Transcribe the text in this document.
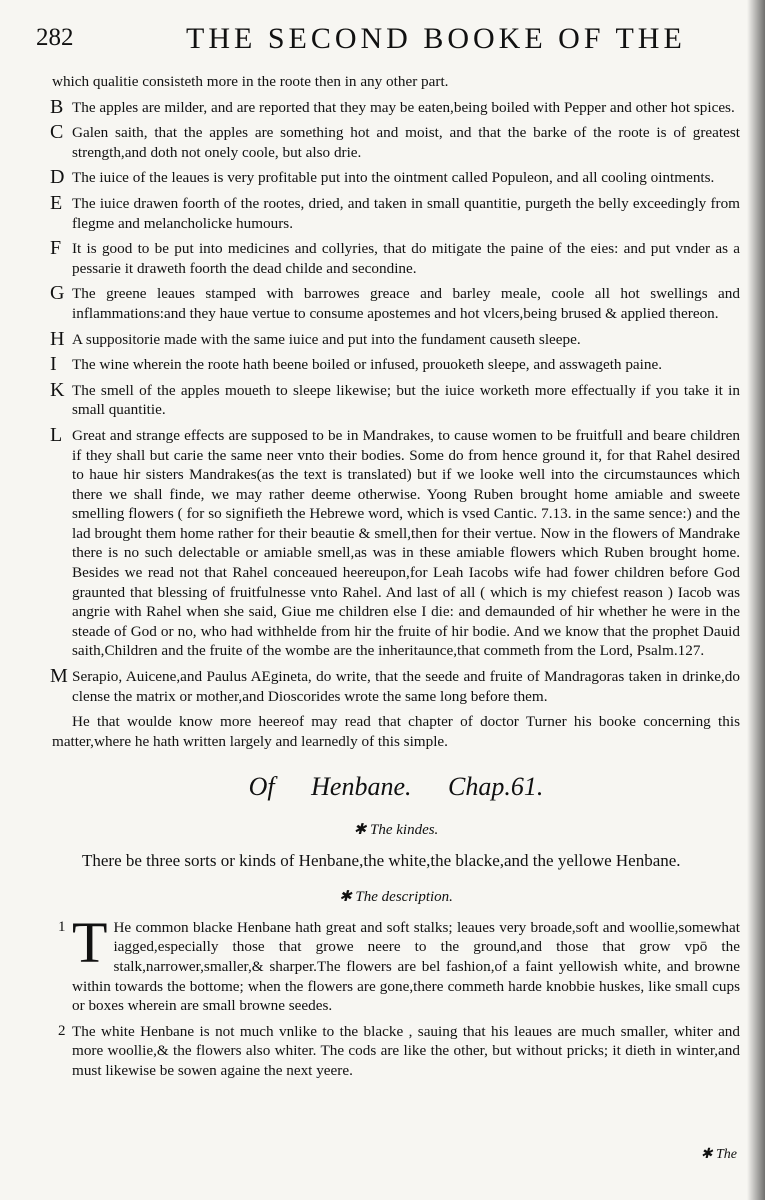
282	THE SECOND BOOKE OF THE

which qualitie consisteth more in the roote then in any other part.

B The apples are milder, and are reported that they may be eaten,being boiled with Pepper and other hot spices.

C Galen saith, that the apples are something hot and moist, and that the barke of the roote is of greatest strength,and doth not onely coole, but also drie.

D The iuice of the leaues is very profitable put into the ointment called Populeon, and all cooling ointments.

E The iuice drawen foorth of the rootes, dried, and taken in small quantitie, purgeth the belly exceedingly from flegme and melancholicke humours.

F It is good to be put into medicines and collyries, that do mitigate the paine of the eies: and put vnder as a pessarie it draweth foorth the dead childe and secondine.

G The greene leaues stamped with barrowes greace and barley meale, coole all hot swellings and inflammations:and they haue vertue to consume apostemes and hot vlcers,being brused & applied thereon.

H A suppositorie made with the same iuice and put into the fundament causeth sleepe.

I The wine wherein the roote hath beene boiled or infused, prouoketh sleepe, and asswageth paine.

K The smell of the apples moueth to sleepe likewise; but the iuice worketh more effectually if you take it in small quantitie.

L Great and strange effects are supposed to be in Mandrakes, to cause women to be fruitfull and beare children if they shall but carie the same neer vnto their bodies. Some do from hence ground it, for that Rahel desired to haue hir sisters Mandrakes(as the text is translated) but if we looke well into the circumstaunces which there we shall finde, we may rather deeme otherwise. Yoong Ruben brought home amiable and sweete smelling flowers ( for so signifieth the Hebrewe word, which is vsed Cantic. 7.13. in the same sence:) and the lad brought them home rather for their beautie & smell,then for their vertue. Now in the flowers of Mandrake there is no such delectable or amiable smell,as was in these amiable flowers which Ruben brought home. Besides we read not that Rahel conceaued heereupon,for Leah Iacobs wife had fower children before God graunted that blessing of fruitfulnesse vnto Rahel. And last of all ( which is my chiefest reason ) Iacob was angrie with Rahel when she said, Giue me children else I die: and demaunded of hir whether he were in the steade of God or no, who had withhelde from hir the fruite of hir bodie. And we know that the prophet Dauid saith,Children and the fruite of the wombe are the inheritaunce,that commeth from the Lord, Psalm.127.

M Serapio, Auicene,and Paulus AEgineta, do write, that the seede and fruite of Mandragoras taken in drinke,do clense the matrix or mother,and Dioscorides wrote the same long before them.

He that woulde know more heereof may read that chapter of doctor Turner his booke concerning this matter,where he hath written largely and learnedly of this simple.

Of Henbane. Chap.61.
✱ The kindes.

There be three sorts or kinds of Henbane,the white,the blacke,and the yellowe Henbane.

✱ The description.

1 T He common blacke Henbane hath great and soft stalks; leaues very broade,soft and woollie,somewhat iagged,especially those that growe neere to the ground,and those that grow vpō the stalk,narrower,smaller,& sharper.The flowers are bel fashion,of a faint yellowish white, and browne within towards the bottome; when the flowers are gone,there commeth harde knobbie huskes, like small cups or boxes wherein are small browne seedes.

2 The white Henbane is not much vnlike to the blacke , sauing that his leaues are much smaller, whiter and more woollie,& the flowers also whiter. The cods are like the other, but without pricks; it dieth in winter,and must likewise be sowen againe the next yeere.

✱ The
